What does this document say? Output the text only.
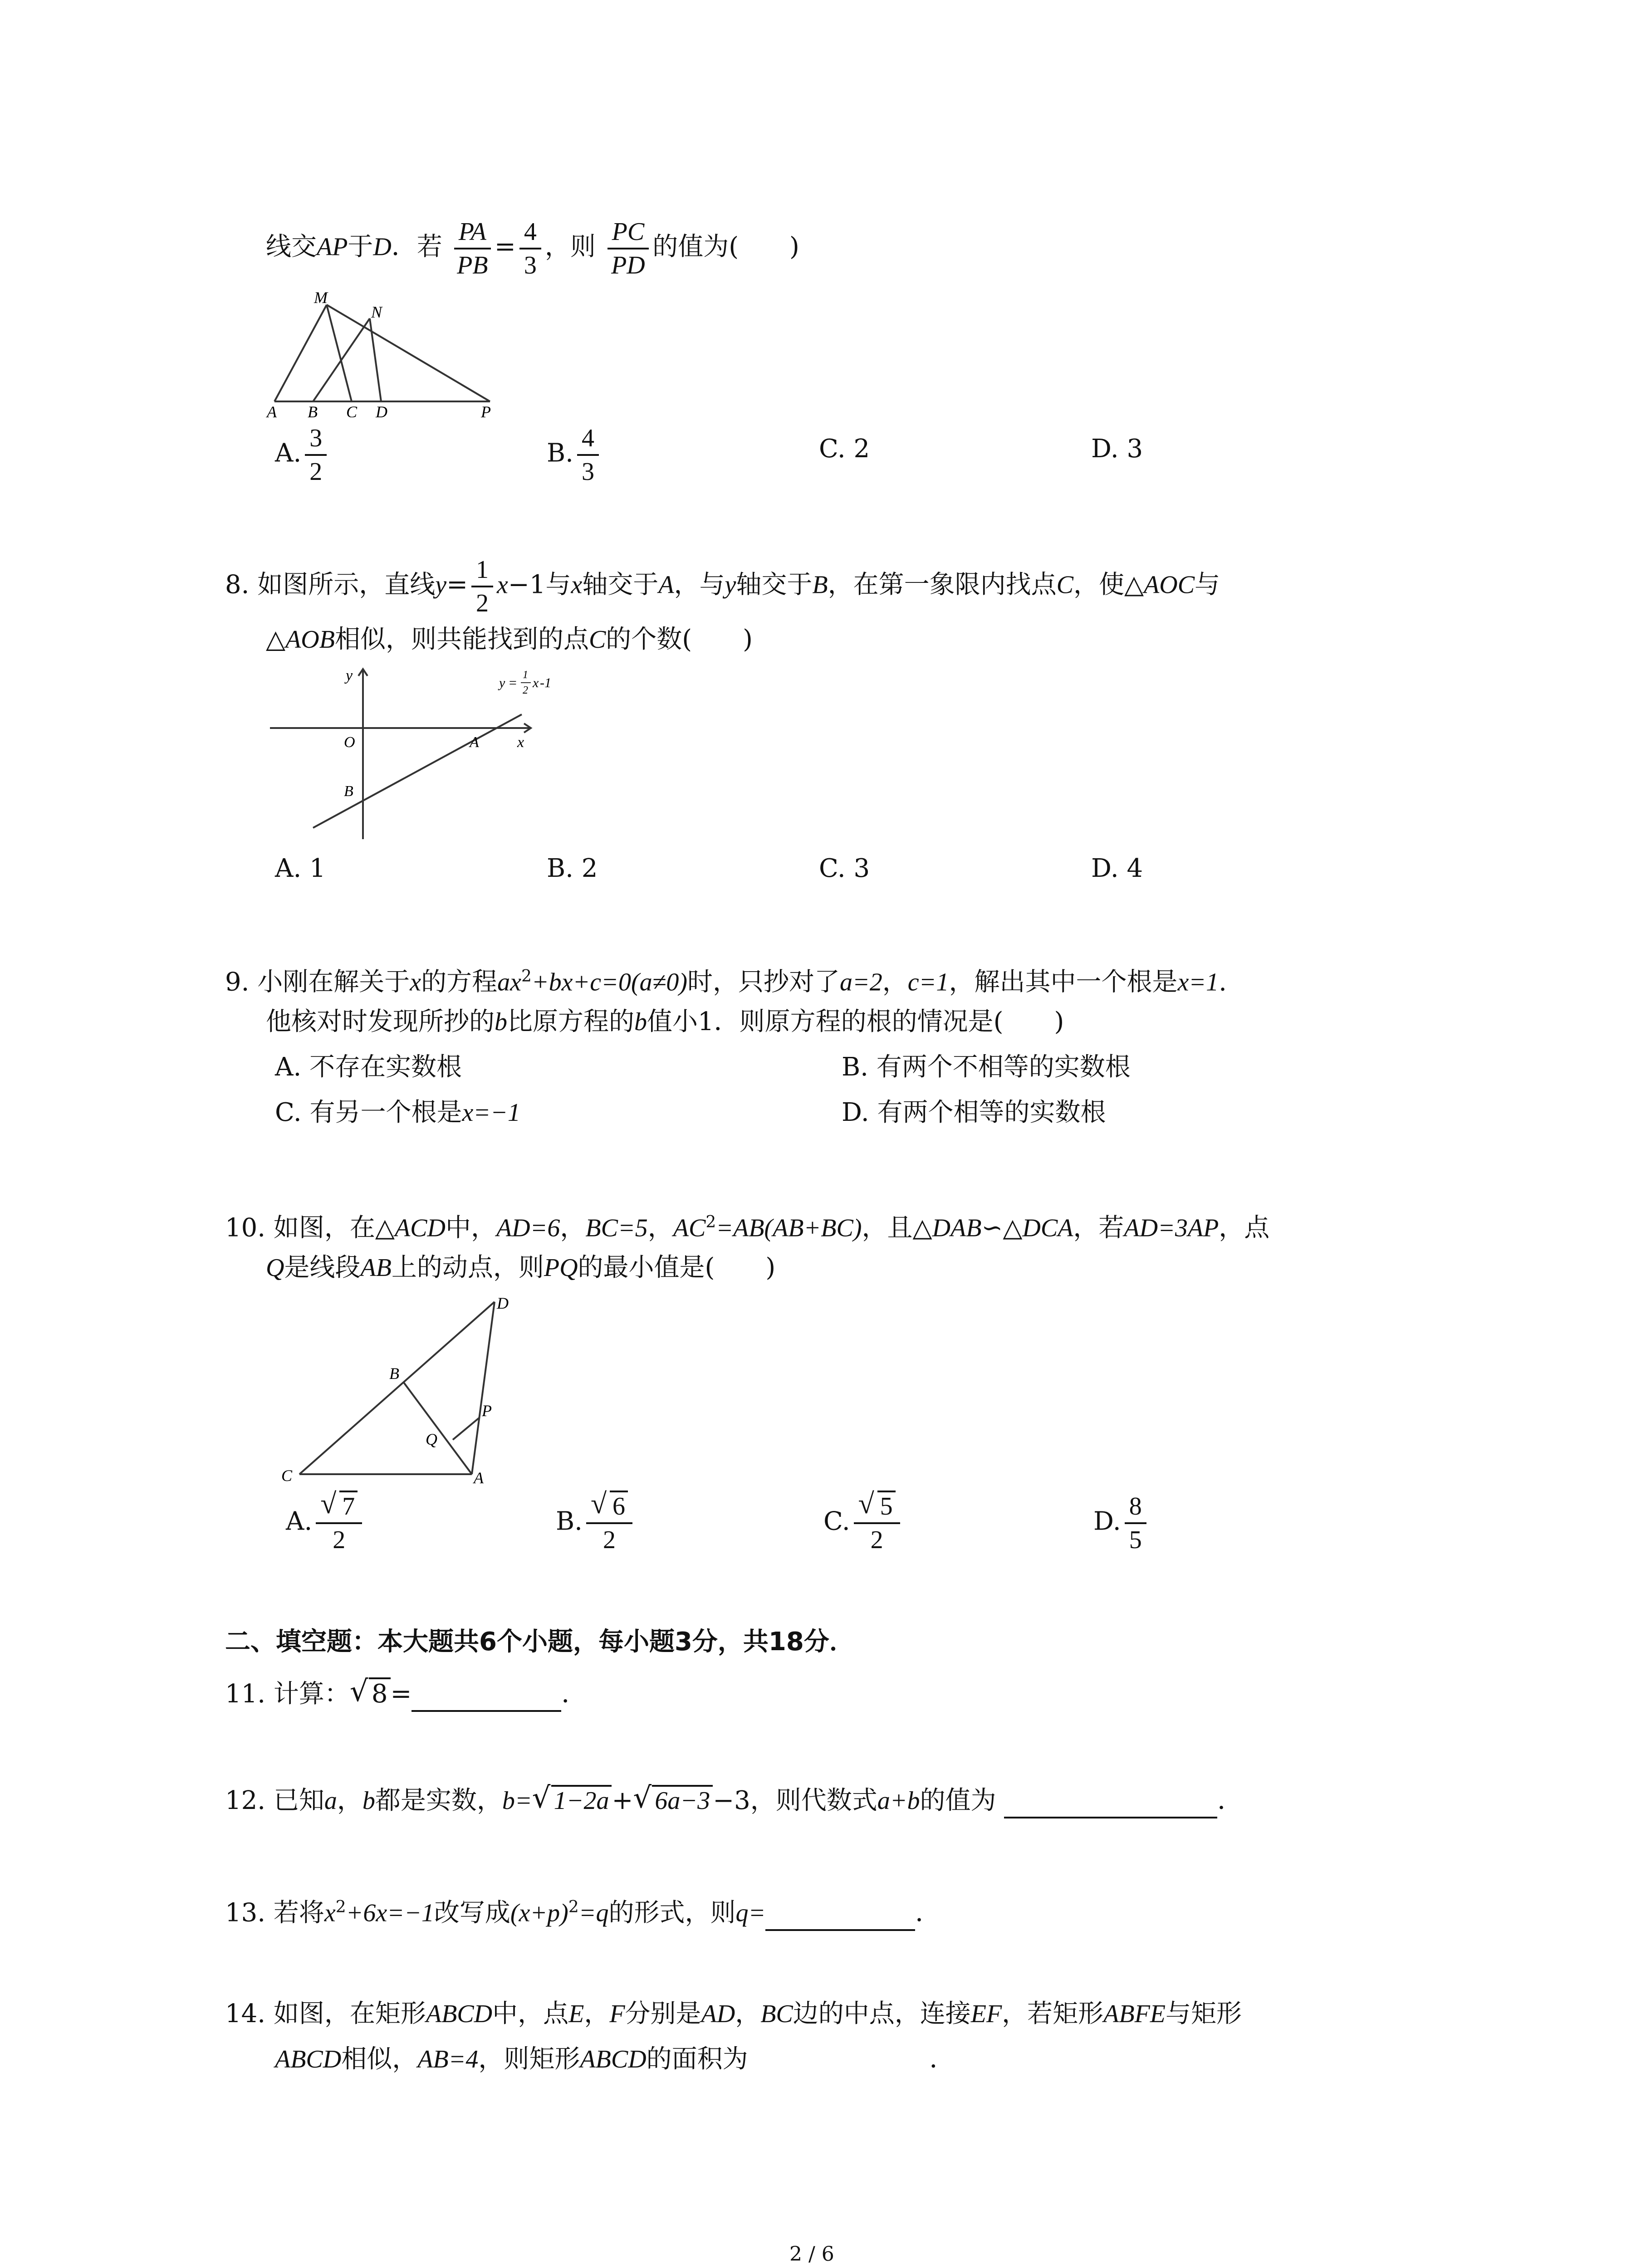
线交AP于D．若 $\frac{PA}{PB} = \frac{4}{3}$ ，则 $\frac{PC}{PD}$ 的值为(　　)
M
N
A B C D	P
A. $\frac{3}{2}$	B. $\frac{4}{3}$	C. 2	D. 3
8. 如图所示，直线$y= \frac{1}{2} x-1$与x轴交于A，与y轴交于B，在第一象限内找点C，使△AOC与
△AOB相似，则共能找到的点C的个数(　　)
y
O	A x
B
y =
1
2 x -1
A. 1	B. 2	C. 3	D. 4
9. 小刚在解关于x的方程$ax^2+bx+c=0(a\ne 0)$时，只抄对了a=2，c=1，解出其中一个根是x=1.
他核对时发现所抄的b比原方程的b值小1．则原方程的根的情况是(　　)
A. 不存在实数根	B. 有两个不相等的实数根
C. 有另一个根是x=−1	D. 有两个相等的实数根
10. 如图，在△ACD中，AD=6，BC=5，$AC^2=AB(AB+BC)$，且△DAB∽△DCA，若AD=3AP，点
Q是线段AB上的动点，则PQ的最小值是(　　)
D
B
P
Q
C	A
A. $\frac{√ 7}{2}$	B. $\frac{√ 6}{2}$	C. $\frac{√ 5}{2}$	D. $\frac{8}{5}$
二、填空题：本大题共6个小题，每小题3分，共18分．
11. 计算： √ 8 =	．
12. 已知a，b都是实数，b= √ 1−2a + √ 6a−3 −3，则代数式a+b的值为	．
13. 若将$x^2+6x=-1$改写成$(x+p)^2=q$的形式，则q=	．
14. 如图，在矩形ABCD中，点E，F分别是AD，BC边的中点，连接EF，若矩形ABFE与矩形
ABCD相似，AB=4，则矩形ABCD的面积为	．
2 / 6
